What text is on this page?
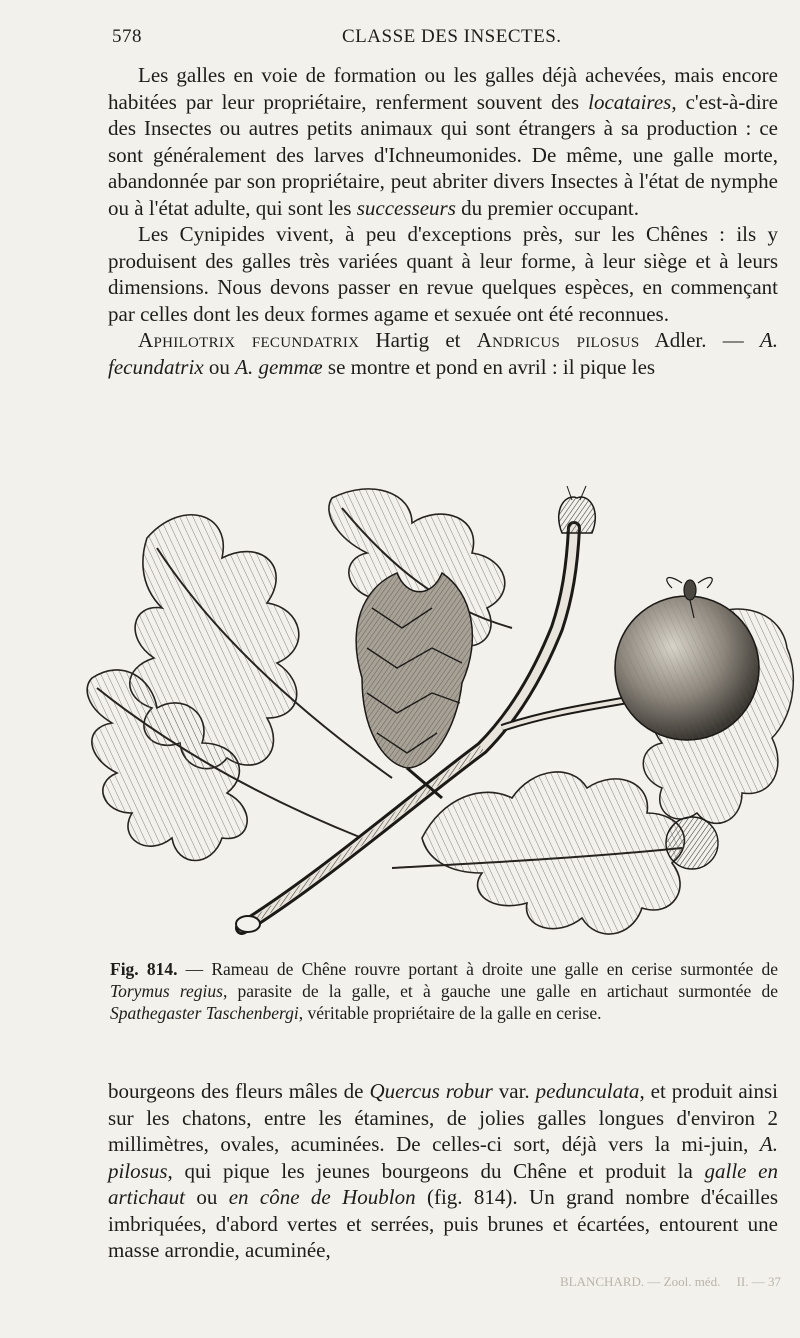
578	CLASSE DES INSECTES.

Les galles en voie de formation ou les galles déjà achevées, mais encore habitées par leur propriétaire, renferment souvent des locataires, c'est-à-dire des Insectes ou autres petits animaux qui sont étrangers à sa production : ce sont généralement des larves d'Ichneumonides. De même, une galle morte, abandonnée par son propriétaire, peut abriter divers Insectes à l'état de nymphe ou à l'état adulte, qui sont les successeurs du premier occupant.

Les Cynipides vivent, à peu d'exceptions près, sur les Chênes : ils y produisent des galles très variées quant à leur forme, à leur siège et à leurs dimensions. Nous devons passer en revue quelques espèces, en commençant par celles dont les deux formes agame et sexuée ont été reconnues.

Aphilotrix fecundatrix Hartig et Andricus pilosus Adler. — A. fecundatrix ou A. gemmæ se montre et pond en avril : il pique les

Fig. 814. — Rameau de Chêne rouvre portant à droite une galle en cerise surmontée de Torymus regius, parasite de la galle, et à gauche une galle en artichaut surmontée de Spathegaster Taschenbergi, véritable propriétaire de la galle en cerise.

bourgeons des fleurs mâles de Quercus robur var. pedunculata, et produit ainsi sur les chatons, entre les étamines, de jolies galles longues d'environ 2 millimètres, ovales, acuminées. De celles-ci sort, déjà vers la mi-juin, A. pilosus, qui pique les jeunes bourgeons du Chêne et produit la galle en artichaut ou en cône de Houblon (fig. 814). Un grand nombre d'écailles imbriquées, d'abord vertes et serrées, puis brunes et écartées, entourent une masse arrondie, acuminée,

BLANCHARD. — Zool. méd. II. — 37
